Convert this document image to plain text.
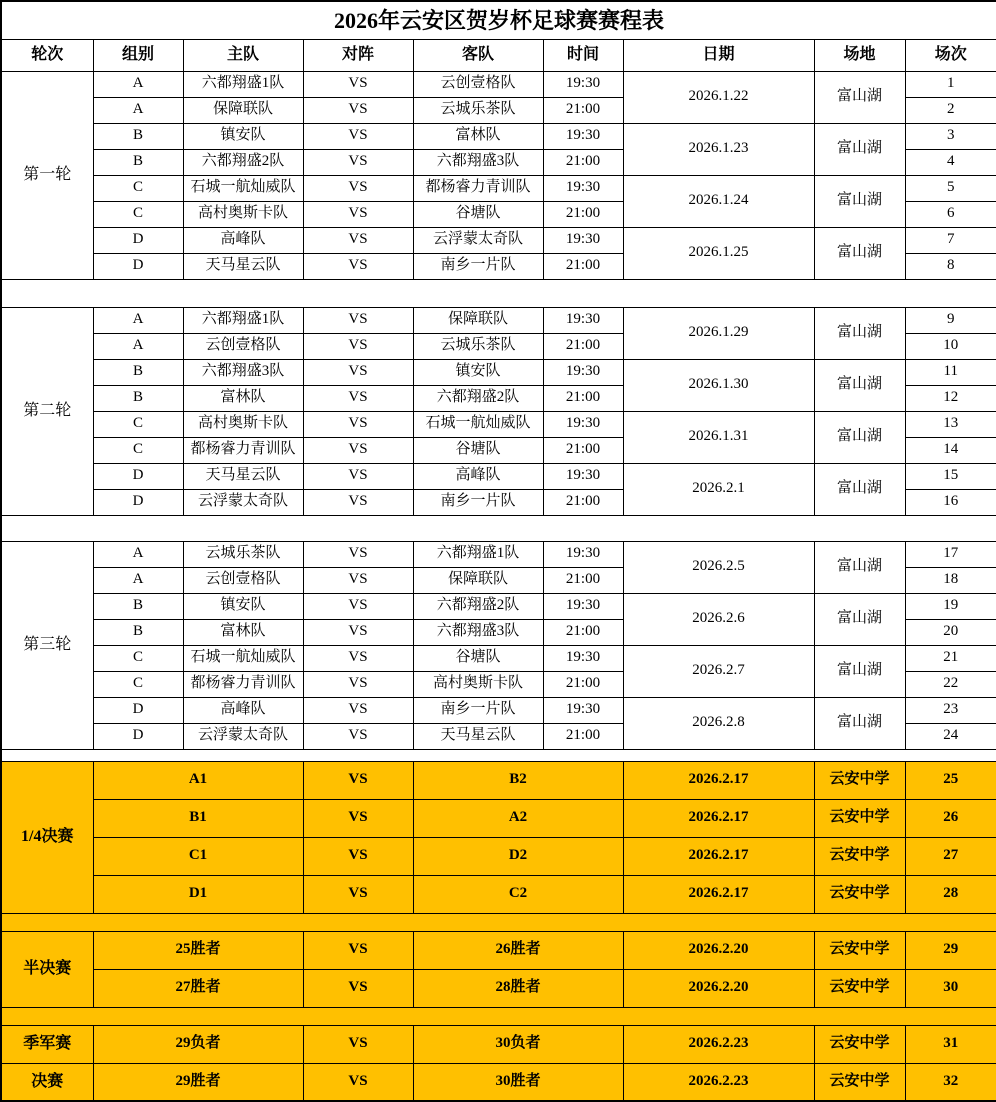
2026年云安区贺岁杯足球赛赛程表								
轮次	组别	主队	对阵	客队	时间	日期	场地	场次
第一轮	A	六都翔盛1队	VS	云创壹格队	19:30	2026.1.22	富山湖	1
	A	保障联队	VS	云城乐茶队	21:00			2
	B	镇安队	VS	富林队	19:30	2026.1.23	富山湖	3
	B	六都翔盛2队	VS	六都翔盛3队	21:00			4
	C	石城一航灿威队	VS	都杨睿力青训队	19:30	2026.1.24	富山湖	5
	C	高村奥斯卡队	VS	谷塘队	21:00			6
	D	高峰队	VS	云浮蒙太奇队	19:30	2026.1.25	富山湖	7
	D	天马星云队	VS	南乡一片队	21:00			8

第二轮	A	六都翔盛1队	VS	保障联队	19:30	2026.1.29	富山湖	9
	A	云创壹格队	VS	云城乐茶队	21:00			10
	B	六都翔盛3队	VS	镇安队	19:30	2026.1.30	富山湖	11
	B	富林队	VS	六都翔盛2队	21:00			12
	C	高村奥斯卡队	VS	石城一航灿威队	19:30	2026.1.31	富山湖	13
	C	都杨睿力青训队	VS	谷塘队	21:00			14
	D	天马星云队	VS	高峰队	19:30	2026.2.1	富山湖	15
	D	云浮蒙太奇队	VS	南乡一片队	21:00			16

第三轮	A	云城乐茶队	VS	六都翔盛1队	19:30	2026.2.5	富山湖	17
	A	云创壹格队	VS	保障联队	21:00			18
	B	镇安队	VS	六都翔盛2队	19:30	2026.2.6	富山湖	19
	B	富林队	VS	六都翔盛3队	21:00			20
	C	石城一航灿威队	VS	谷塘队	19:30	2026.2.7	富山湖	21
	C	都杨睿力青训队	VS	高村奥斯卡队	21:00			22
	D	高峰队	VS	南乡一片队	19:30	2026.2.8	富山湖	23
	D	云浮蒙太奇队	VS	天马星云队	21:00			24

1/4决赛	A1		VS	B2		2026.2.17	云安中学	25
	B1		VS	A2		2026.2.17	云安中学	26
	C1		VS	D2		2026.2.17	云安中学	27
	D1		VS	C2		2026.2.17	云安中学	28

半决赛	25胜者		VS	26胜者		2026.2.20	云安中学	29
	27胜者		VS	28胜者		2026.2.20	云安中学	30

季军赛	29负者		VS	30负者		2026.2.23	云安中学	31
决赛	29胜者		VS	30胜者		2026.2.23	云安中学	32
